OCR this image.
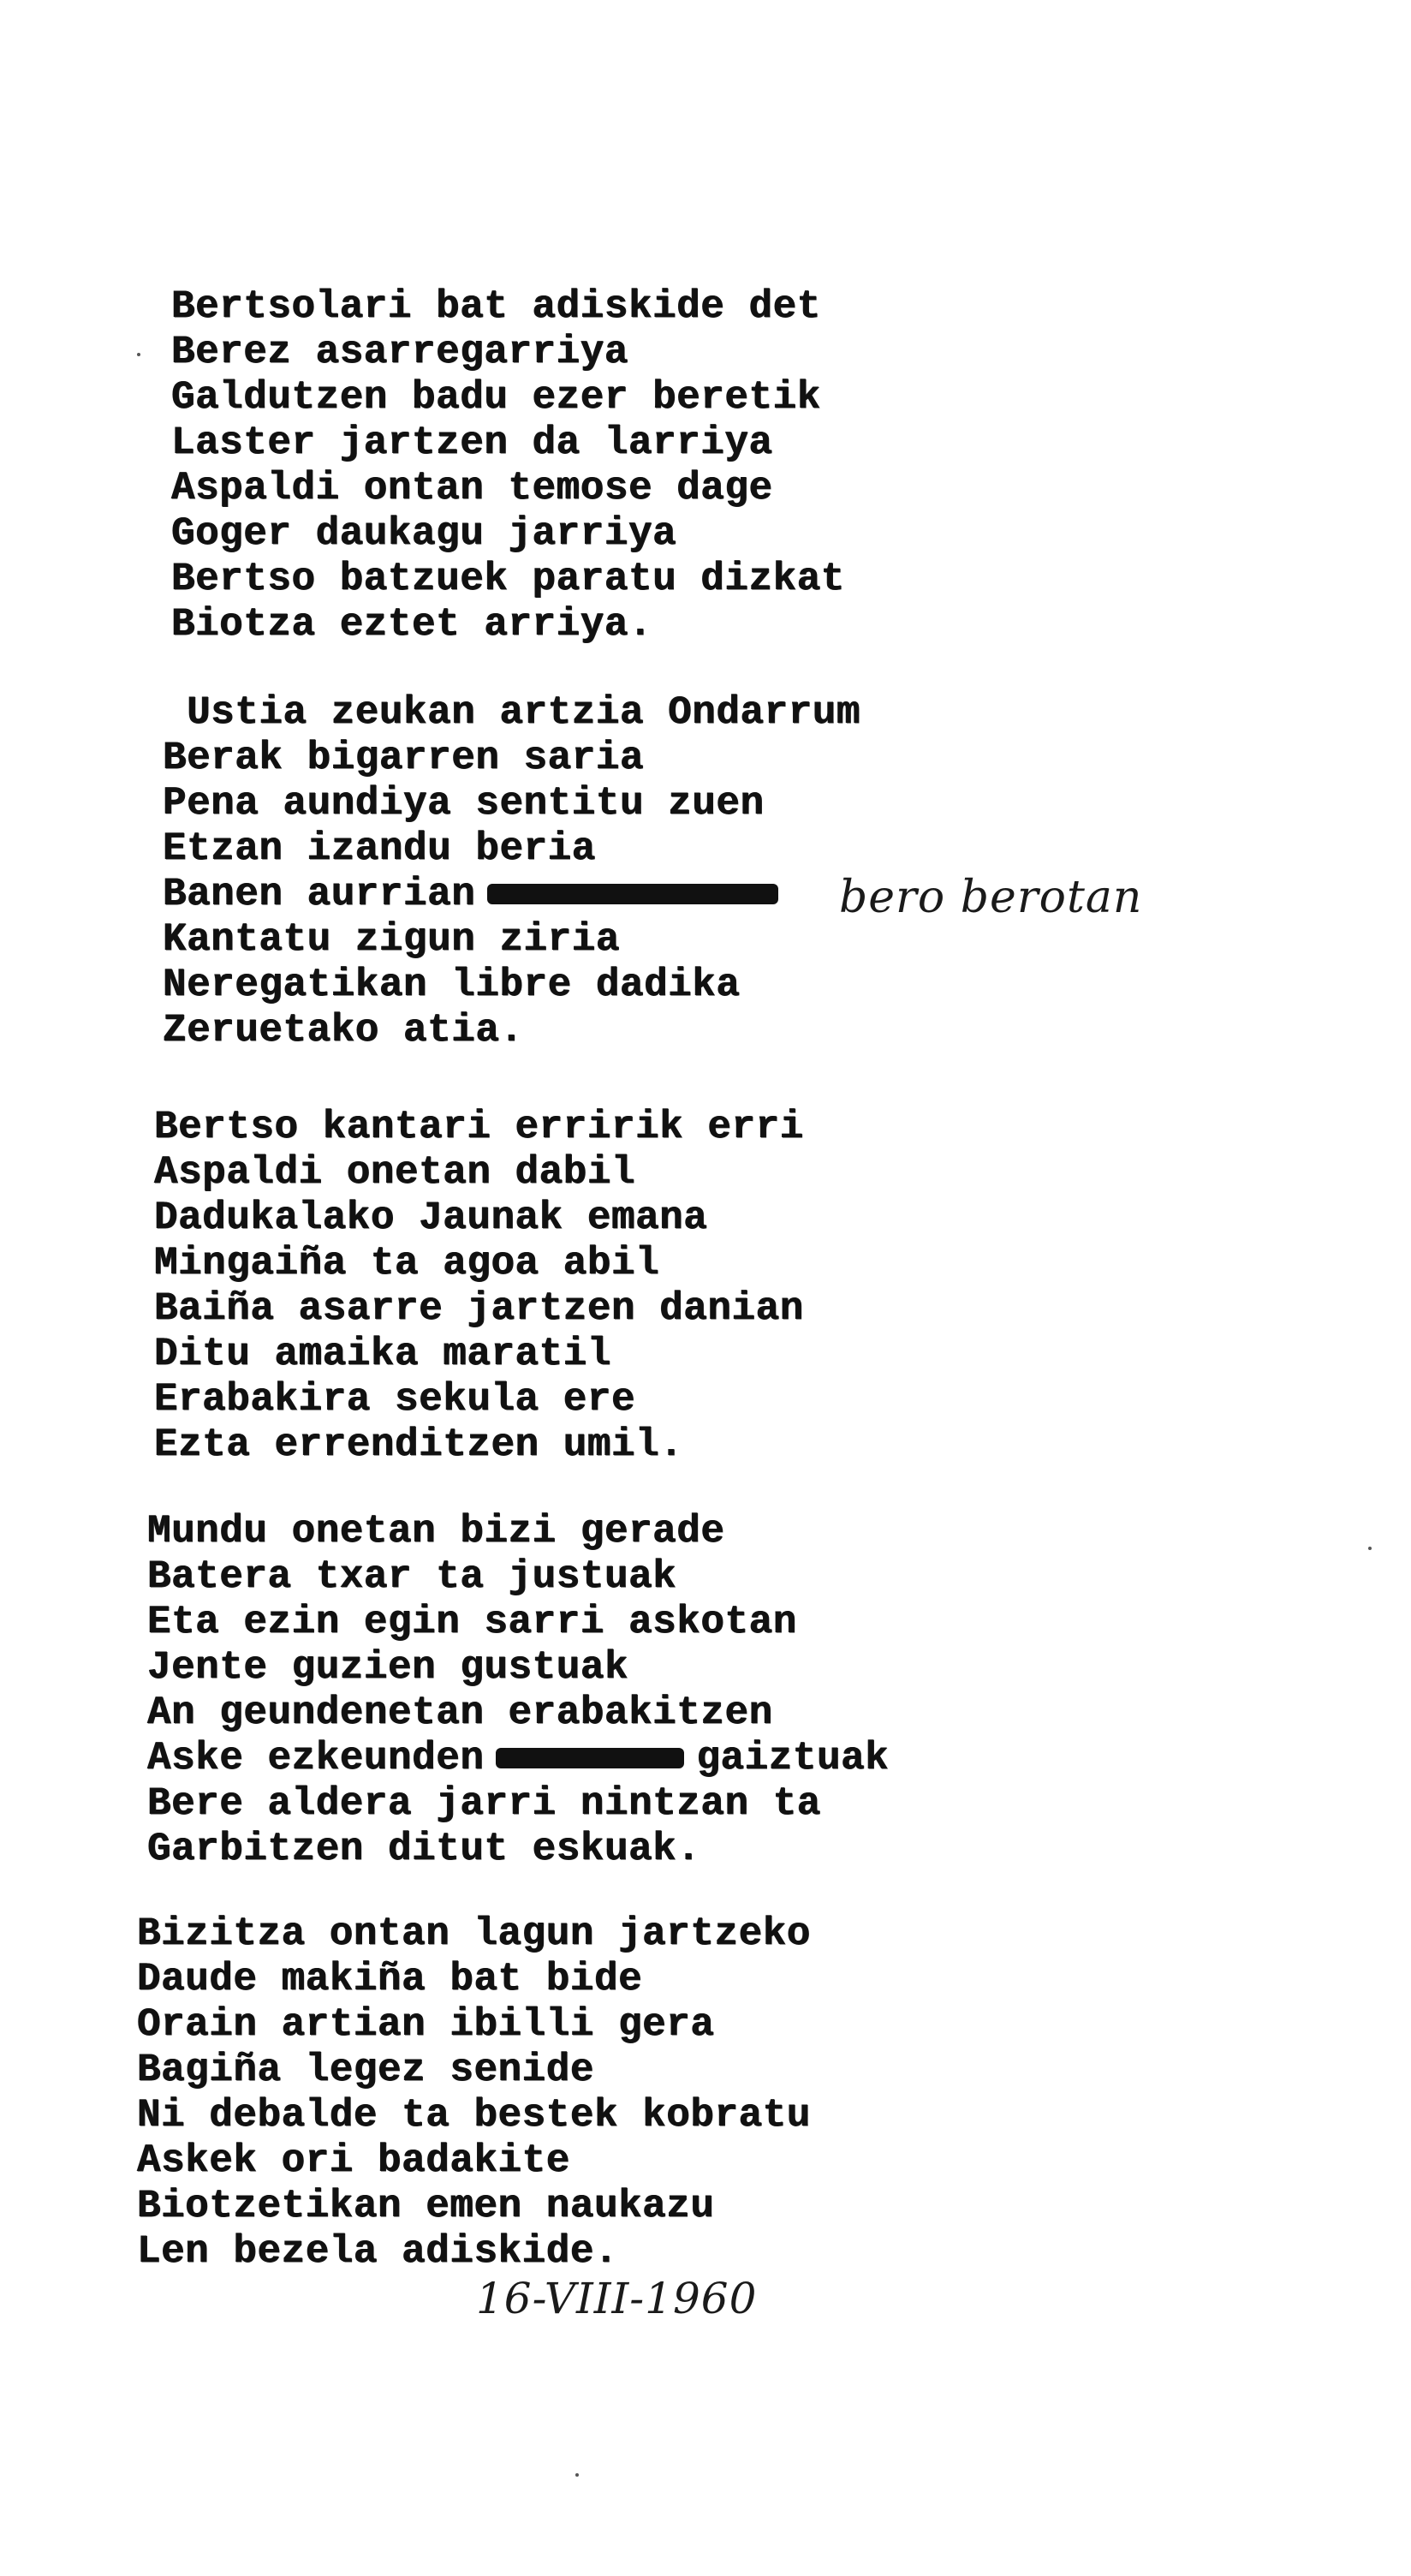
Bertsolari bat adiskide det
Berez asarregarriya
Galdutzen badu ezer beretik
Laster jartzen da larriya
Aspaldi ontan temose dage
Goger daukagu jarriya
Bertso batzuek paratu dizkat
Biotza eztet arriya.
Ustia zeukan artzia Ondarrum
Berak bigarren saria
Pena aundiya sentitu zuen
Etzan izandu beria
Banen aurrian
Kantatu zigun ziria
Neregatikan libre dadika
Zeruetako atia.
bero berotan
Bertso kantari erririk erri
Aspaldi onetan dabil
Dadukalako Jaunak emana
Mingaiña ta agoa abil
Baiña asarre jartzen danian
Ditu amaika maratil
Erabakira sekula ere
Ezta errenditzen umil.
Mundu onetan bizi gerade
Batera txar ta justuak
Eta ezin egin sarri askotan
Jente guzien gustuak
An geundenetan erabakitzen
Aske ezkeunden	gaiztuak
Bere aldera jarri nintzan ta
Garbitzen ditut eskuak.
Bizitza ontan lagun jartzeko
Daude makiña bat bide
Orain artian ibilli gera
Bagiña legez senide
Ni debalde ta bestek kobratu
Askek ori badakite
Biotzetikan emen naukazu
Len bezela adiskide.
16-VIII-1960
